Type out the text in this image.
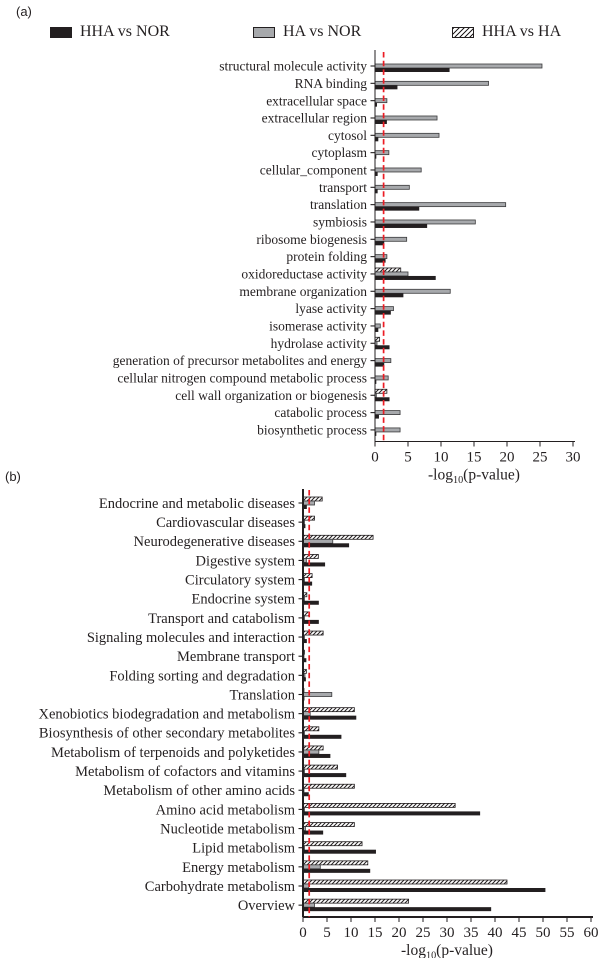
(a)
HHA vs NOR	HA vs NOR	HHA vs HA
(b)
structural molecule activity
RNA binding
extracellular space
extracellular region
cytosol
cytoplasm
cellular_component
transport
translation
symbiosis
ribosome biogenesis
protein folding
oxidoreductase activity
membrane organization
lyase activity
isomerase activity
hydrolase activity
generation of precursor metabolites and energy
cellular nitrogen compound metabolic process
cell wall organization or biogenesis
catabolic process
biosynthetic process
0 5 10 15 20 25 30
$-\log_{10}(p-value)$
Endocrine and metabolic diseases
Cardiovascular diseases
Neurodegenerative diseases
Digestive system
Circulatory system
Endocrine system
Transport and catabolism
Signaling molecules and interaction
Membrane transport
Folding sorting and degradation
Translation
Xenobiotics biodegradation and metabolism
Biosynthesis of other secondary metabolites
Metabolism of terpenoids and polyketides
Metabolism of cofactors and vitamins
Metabolism of other amino acids
Amino acid metabolism
Nucleotide metabolism
Lipid metabolism
Energy metabolism
Carbohydrate metabolism
Overview
0 5 10 15 20 25 30 35 40 45 50 55 60
$-\log_{10}(p-value)$
